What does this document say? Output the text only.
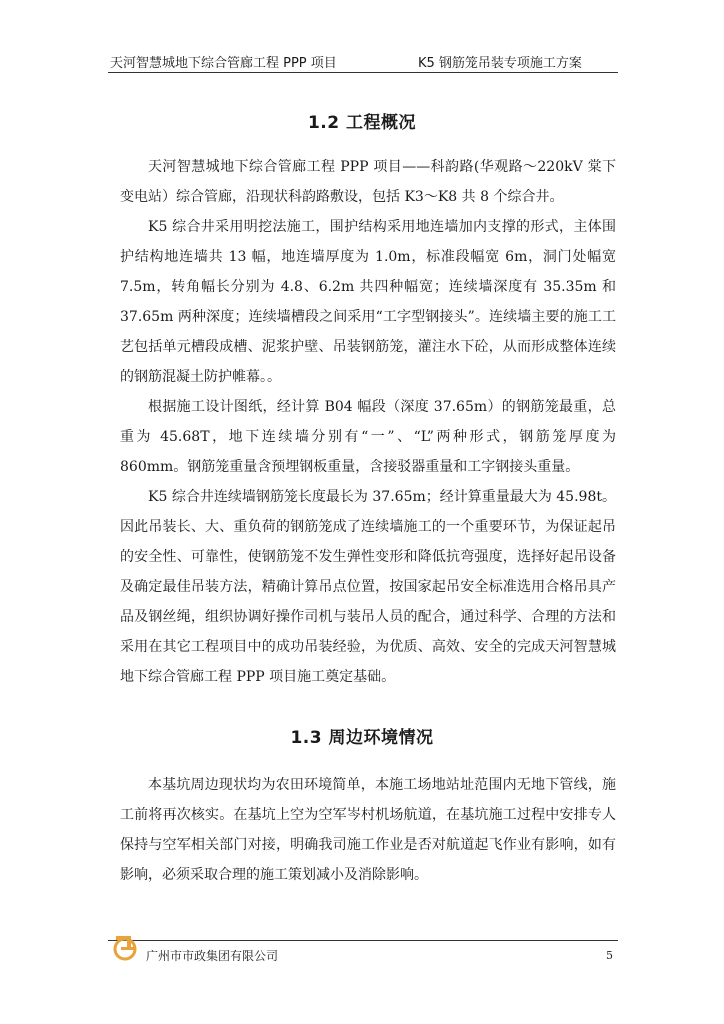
天河智慧城地下综合管廊工程 PPP 项目	K5 钢筋笼吊装专项施工方案
1.2 工程概况

天河智慧城地下综合管廊工程 PPP 项目——科韵路(华观路～220kV 棠下变电站）综合管廊，沿现状科韵路敷设，包括 K3～K8 共 8 个综合井。

K5 综合井采用明挖法施工，围护结构采用地连墙加内支撑的形式，主体围护结构地连墙共 13 幅，地连墙厚度为 1.0m，标准段幅宽 6m，洞门处幅宽 7.5m，转角幅长分别为 4.8、6.2m 共四种幅宽；连续墙深度有 35.35m 和 37.65m 两种深度；连续墙槽段之间采用“工字型钢接头”。连续墙主要的施工工艺包括单元槽段成槽、泥浆护壁、吊装钢筋笼，灌注水下砼，从而形成整体连续的钢筋混凝土防护帷幕。。

根据施工设计图纸，经计算 B04 幅段（深度 37.65m）的钢筋笼最重，总重为 45.68T，地下连续墙分别有“一”、“L”两种形式，钢筋笼厚度为 860mm。钢筋笼重量含预埋钢板重量，含接驳器重量和工字钢接头重量。

K5 综合井连续墙钢筋笼长度最长为 37.65m；经计算重量最大为 45.98t。因此吊装长、大、重负荷的钢筋笼成了连续墙施工的一个重要环节，为保证起吊的安全性、可靠性，使钢筋笼不发生弹性变形和降低抗弯强度，选择好起吊设备及确定最佳吊装方法，精确计算吊点位置，按国家起吊安全标准选用合格吊具产品及钢丝绳，组织协调好操作司机与装吊人员的配合，通过科学、合理的方法和采用在其它工程项目中的成功吊装经验，为优质、高效、安全的完成天河智慧城地下综合管廊工程 PPP 项目施工奠定基础。

1.3 周边环境情况

本基坑周边现状均为农田环境简单，本施工场地站址范围内无地下管线，施工前将再次核实。在基坑上空为空军岑村机场航道，在基坑施工过程中安排专人保持与空军相关部门对接，明确我司施工作业是否对航道起飞作业有影响，如有影响，必须采取合理的施工策划减小及消除影响。

广州市市政集团有限公司	5
